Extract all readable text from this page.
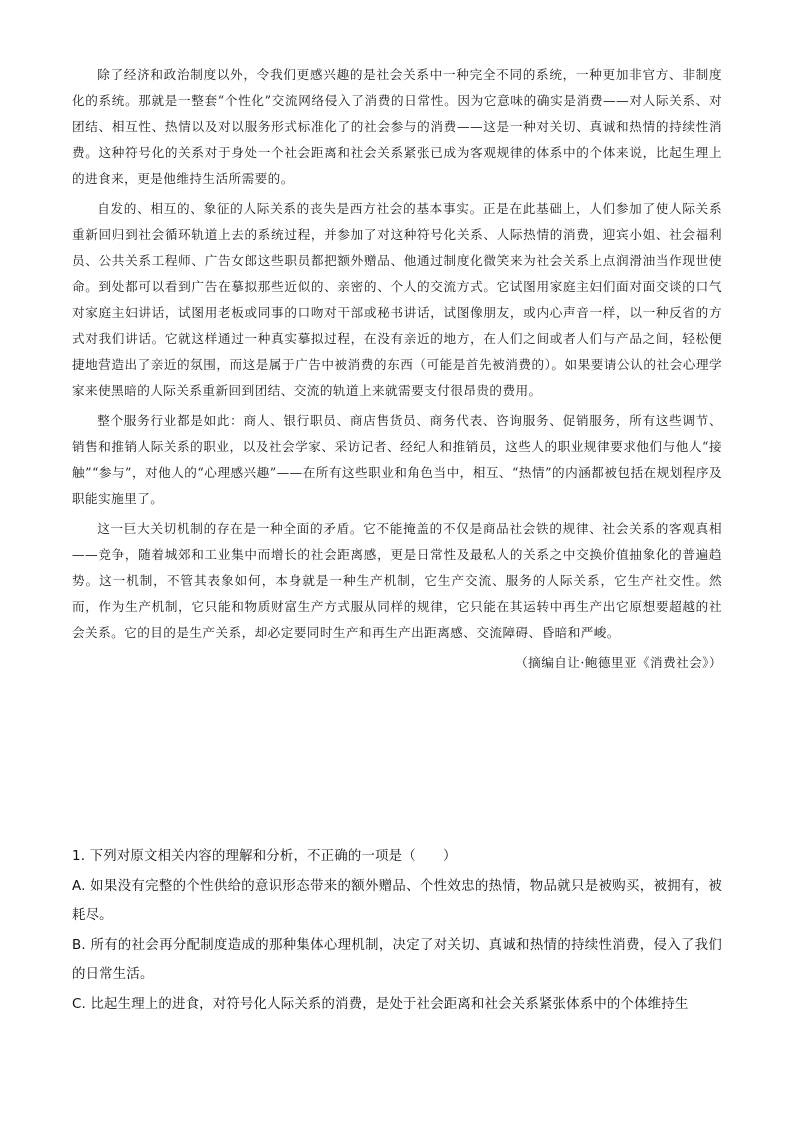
除了经济和政治制度以外，令我们更感兴趣的是社会关系中一种完全不同的系统，一种更加非官方、非制度化的系统。那就是一整套“个性化”交流网络侵入了消费的日常性。因为它意味的确实是消费——对人际关系、对团结、相互性、热情以及对以服务形式标准化了的社会参与的消费——这是一种对关切、真诚和热情的持续性消费。这种符号化的关系对于身处一个社会距离和社会关系紧张已成为客观规律的体系中的个体来说，比起生理上的进食来，更是他维持生活所需要的。

自发的、相互的、象征的人际关系的丧失是西方社会的基本事实。正是在此基础上，人们参加了使人际关系重新回归到社会循环轨道上去的系统过程，并参加了对这种符号化关系、人际热情的消费，迎宾小姐、社会福利员、公共关系工程师、广告女郎这些职员都把额外赠品、他通过制度化微笑来为社会关系上点润滑油当作现世使命。到处都可以看到广告在摹拟那些近似的、亲密的、个人的交流方式。它试图用家庭主妇们面对面交谈的口气对家庭主妇讲话，试图用老板或同事的口吻对干部或秘书讲话，试图像朋友，或内心声音一样，以一种反省的方式对我们讲话。它就这样通过一种真实摹拟过程，在没有亲近的地方，在人们之间或者人们与产品之间，轻松便捷地营造出了亲近的氛围，而这是属于广告中被消费的东西（可能是首先被消费的）。如果要请公认的社会心理学家来使黑暗的人际关系重新回到团结、交流的轨道上来就需要支付很昂贵的费用。

整个服务行业都是如此：商人、银行职员、商店售货员、商务代表、咨询服务、促销服务，所有这些调节、销售和推销人际关系的职业，以及社会学家、采访记者、经纪人和推销员，这些人的职业规律要求他们与他人“接触”“参与”，对他人的“心理感兴趣”——在所有这些职业和角色当中，相互、“热情”的内涵都被包括在规划程序及职能实施里了。

这一巨大关切机制的存在是一种全面的矛盾。它不能掩盖的不仅是商品社会铁的规律、社会关系的客观真相——竞争，随着城郊和工业集中而增长的社会距离感，更是日常性及最私人的关系之中交换价值抽象化的普遍趋势。这一机制，不管其表象如何，本身就是一种生产机制，它生产交流、服务的人际关系，它生产社交性。然而，作为生产机制，它只能和物质财富生产方式服从同样的规律，它只能在其运转中再生产出它原想要超越的社会关系。它的目的是生产关系，却必定要同时生产和再生产出距离感、交流障碍、昏暗和严峻。

（摘编自让·鲍德里亚《消费社会》）

1. 下列对原文相关内容的理解和分析，不正确的一项是（　　）

A. 如果没有完整的个性供给的意识形态带来的额外赠品、个性效忠的热情，物品就只是被购买，被拥有，被耗尽。

B. 所有的社会再分配制度造成的那种集体心理机制，决定了对关切、真诚和热情的持续性消费，侵入了我们的日常生活。

C. 比起生理上的进食，对符号化人际关系的消费，是处于社会距离和社会关系紧张体系中的个体维持生
